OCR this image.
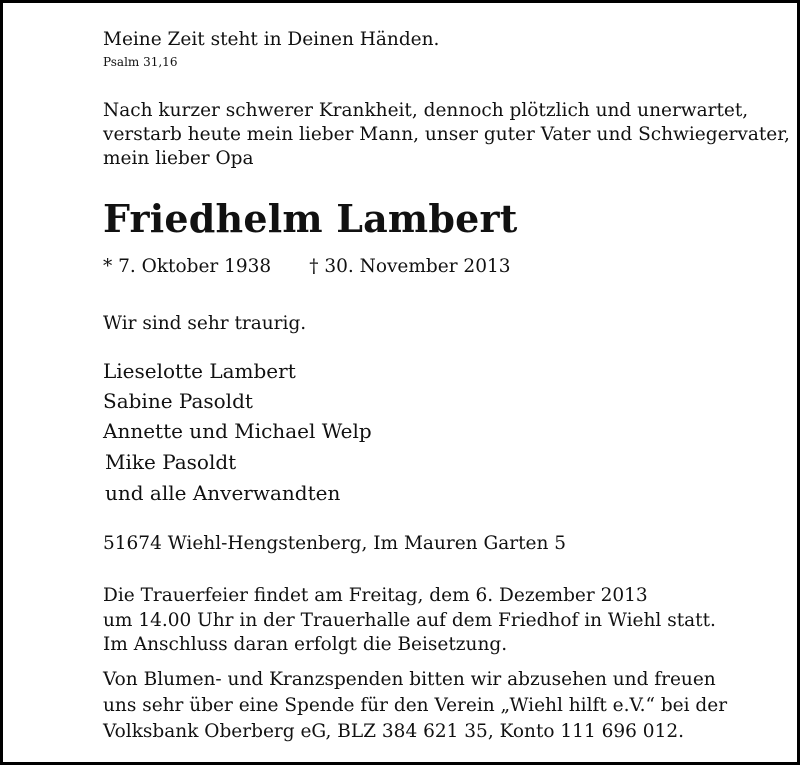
Meine Zeit steht in Deinen Händen.
Psalm 31,16
Nach kurzer schwerer Krankheit, dennoch plötzlich und unerwartet,
verstarb heute mein lieber Mann, unser guter Vater und Schwiegervater,
mein lieber Opa
Friedhelm Lambert
* 7. Oktober 1938 † 30. November 2013
Wir sind sehr traurig.
Lieselotte Lambert
Sabine Pasoldt
Annette und Michael Welp
Mike Pasoldt
und alle Anverwandten
51674 Wiehl-Hengstenberg, Im Mauren Garten 5
Die Trauerfeier findet am Freitag, dem 6. Dezember 2013
um 14.00 Uhr in der Trauerhalle auf dem Friedhof in Wiehl statt.
Im Anschluss daran erfolgt die Beisetzung.
Von Blumen- und Kranzspenden bitten wir abzusehen und freuen
uns sehr über eine Spende für den Verein „Wiehl hilft e.V.“ bei der
Volksbank Oberberg eG, BLZ 384 621 35, Konto 111 696 012.
